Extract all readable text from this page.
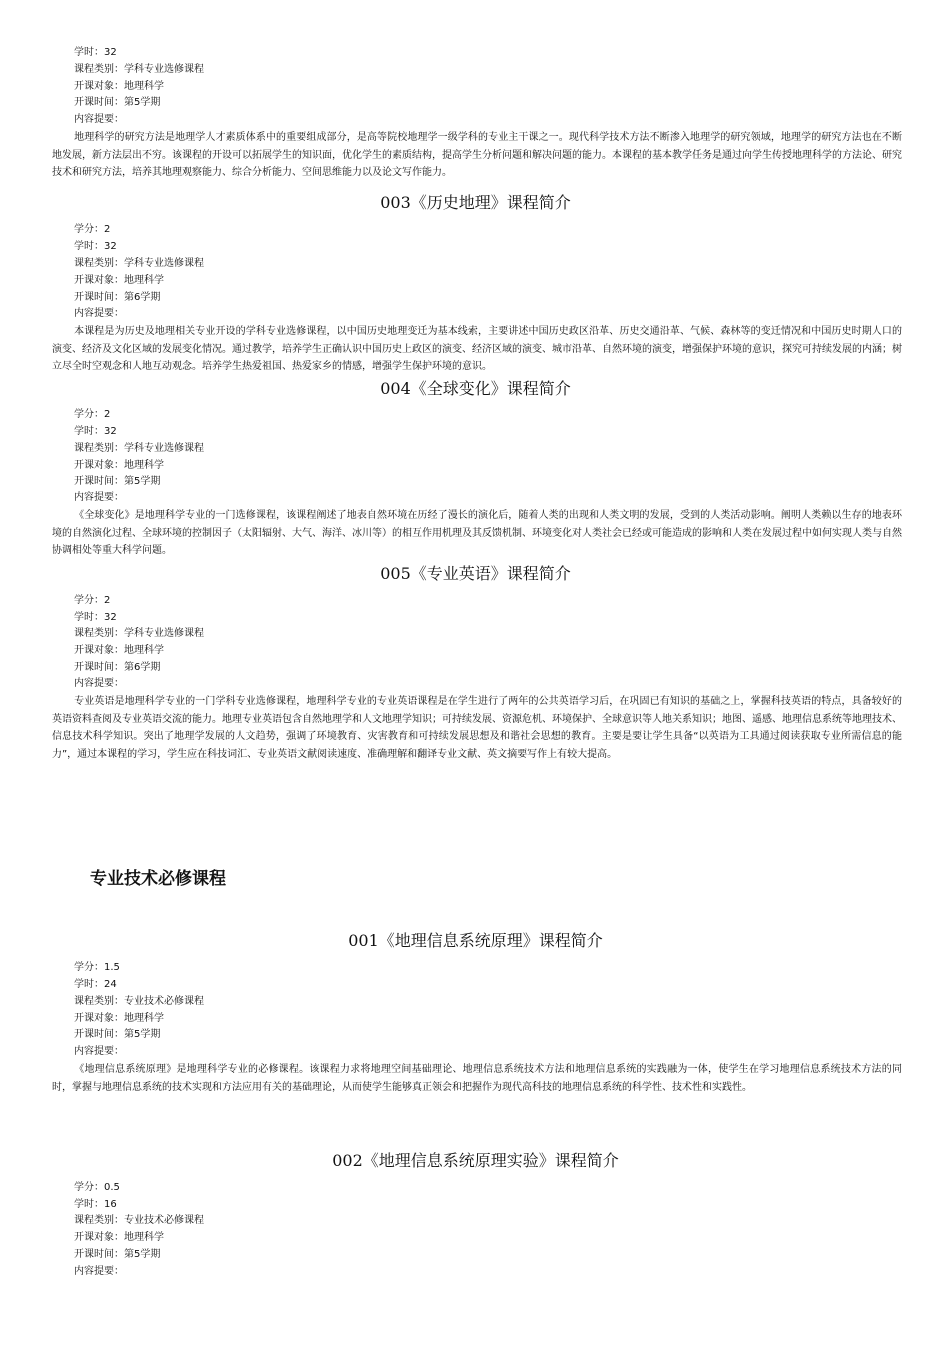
学时：32
课程类别：学科专业选修课程
开课对象：地理科学
开课时间：第5学期
内容提要：

地理科学的研究方法是地理学人才素质体系中的重要组成部分，是高等院校地理学一级学科的专业主干课之一。现代科学技术方法不断渗入地理学的研究领域，地理学的研究方法也在不断地发展，新方法层出不穷。该课程的开设可以拓展学生的知识面，优化学生的素质结构，提高学生分析问题和解决问题的能力。本课程的基本教学任务是通过向学生传授地理科学的方法论、研究技术和研究方法，培养其地理观察能力、综合分析能力、空间思维能力以及论文写作能力。

003《历史地理》课程简介
学分：2
学时：32
课程类别：学科专业选修课程
开课对象：地理科学
开课时间：第6学期
内容提要：

本课程是为历史及地理相关专业开设的学科专业选修课程，以中国历史地理变迁为基本线索，主要讲述中国历史政区沿革、历史交通沿革、气候、森林等的变迁情况和中国历史时期人口的演变、经济及文化区域的发展变化情况。通过教学，培养学生正确认识中国历史上政区的演变、经济区域的演变、城市沿革、自然环境的演变，增强保护环境的意识，探究可持续发展的内涵；树立尽全时空观念和人地互动观念。培养学生热爱祖国、热爱家乡的情感，增强学生保护环境的意识。

004《全球变化》课程简介
学分：2
学时：32
课程类别：学科专业选修课程
开课对象：地理科学
开课时间：第5学期
内容提要：

《全球变化》是地理科学专业的一门选修课程，该课程阐述了地表自然环境在历经了漫长的演化后，随着人类的出现和人类文明的发展，受到的人类活动影响。阐明人类赖以生存的地表环境的自然演化过程、全球环境的控制因子（太阳辐射、大气、海洋、冰川等）的相互作用机理及其反馈机制、环境变化对人类社会已经或可能造成的影响和人类在发展过程中如何实现人类与自然协调相处等重大科学问题。

005《专业英语》课程简介
学分：2
学时：32
课程类别：学科专业选修课程
开课对象：地理科学
开课时间：第6学期
内容提要：

专业英语是地理科学专业的一门学科专业选修课程，地理科学专业的专业英语课程是在学生进行了两年的公共英语学习后，在巩固已有知识的基础之上，掌握科技英语的特点，具备较好的英语资料查阅及专业英语交流的能力。地理专业英语包含自然地理学和人文地理学知识；可持续发展、资源危机、环境保护、全球意识等人地关系知识；地图、遥感、地理信息系统等地理技术、信息技术科学知识。突出了地理学发展的人文趋势，强调了环境教育、灾害教育和可持续发展思想及和谐社会思想的教育。主要是要让学生具备“以英语为工具通过阅读获取专业所需信息的能力”，通过本课程的学习，学生应在科技词汇、专业英语文献阅读速度、准确理解和翻译专业文献、英文摘要写作上有较大提高。

专业技术必修课程
001《地理信息系统原理》课程简介
学分：1.5
学时：24
课程类别：专业技术必修课程
开课对象：地理科学
开课时间：第5学期
内容提要：

《地理信息系统原理》是地理科学专业的必修课程。该课程力求将地理空间基础理论、地理信息系统技术方法和地理信息系统的实践融为一体，使学生在学习地理信息系统技术方法的同时，掌握与地理信息系统的技术实现和方法应用有关的基础理论，从而使学生能够真正领会和把握作为现代高科技的地理信息系统的科学性、技术性和实践性。

002《地理信息系统原理实验》课程简介
学分：0.5
学时：16
课程类别：专业技术必修课程
开课对象：地理科学
开课时间：第5学期
内容提要：
